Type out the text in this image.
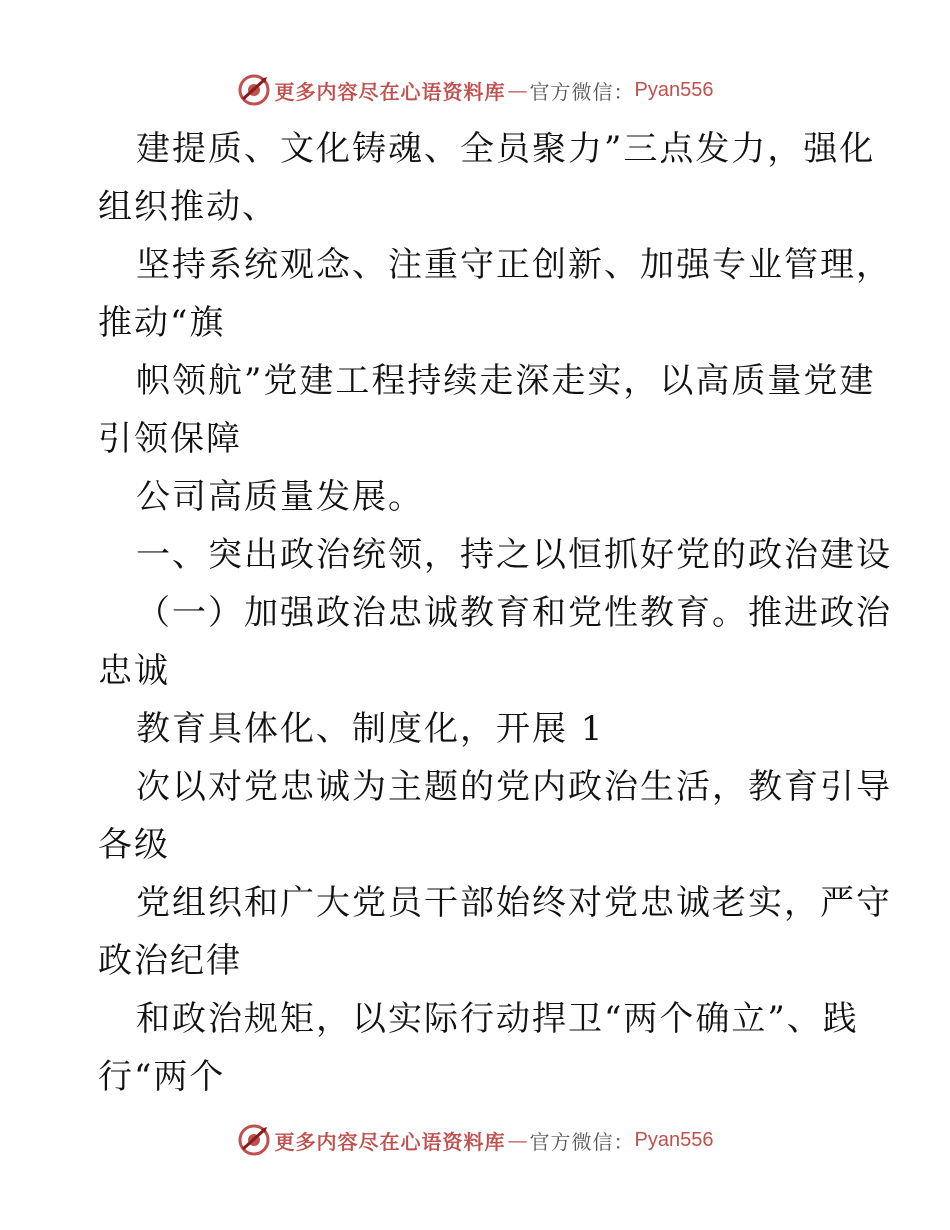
更多内容尽在心语资料库 — 官方微信： Pyan556
建提质、文化铸魂、全员聚力”三点发力，强化
组织推动、
坚持系统观念、注重守正创新、加强专业管理，
推动“旗
帜领航”党建工程持续走深走实，以高质量党建
引领保障
公司高质量发展。
一、突出政治统领，持之以恒抓好党的政治建设
（一）加强政治忠诚教育和党性教育。推进政治
忠诚
教育具体化、制度化，开展 1
次以对党忠诚为主题的党内政治生活，教育引导
各级
党组织和广大党员干部始终对党忠诚老实，严守
政治纪律
和政治规矩，以实际行动捍卫“两个确立”、践
行“两个
更多内容尽在心语资料库 — 官方微信： Pyan556
